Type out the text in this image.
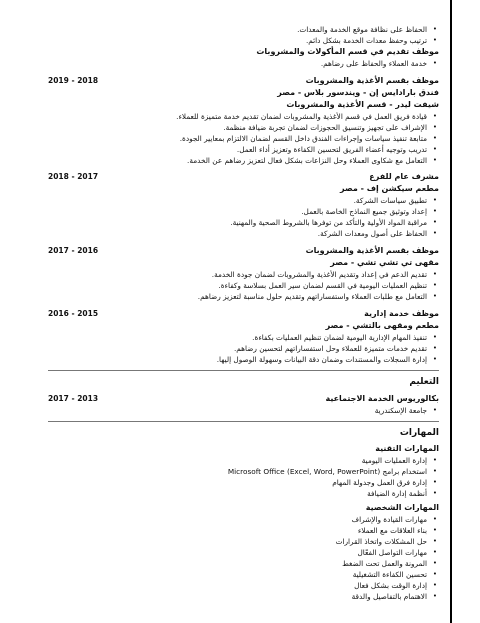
• الحفاظ على نظافة موقع الخدمة والمعدات.
• ترتيب وحفظ معدات الخدمة بشكل دائم.
موظف تقديم في قسم المأكولات والمشروبات
• خدمة العملاء والحفاظ على رضاهم.
2019 - 2018	موظف بقسم الأغذية والمشروبات
فندق بارادايس إن - ويندسور بلاس - مصر
شيفت ليدر - قسم الأغذية والمشروبات
• قيادة فريق العمل في قسم الأغذية والمشروبات لضمان تقديم خدمة متميزة للعملاء.
• الإشراف على تجهيز وتنسيق الحجوزات لضمان تجربة ضيافة منظمة.
• متابعة تنفيذ سياسات وإجراءات الفندق داخل القسم لضمان الالتزام بمعايير الجودة.
• تدريب وتوجيه أعضاء الفريق لتحسين الكفاءة وتعزيز أداء العمل.
• التعامل مع شكاوى العملاء وحل النزاعات بشكل فعال لتعزيز رضاهم عن الخدمة.
2018 - 2017	مشرف عام للفرع
مطعم سيكشن إف - مصر
• تطبيق سياسات الشركة.
• إعداد وتوثيق جميع النماذج الخاصة بالعمل.
• مراقبة المواد الأولية والتأكد من توفرها بالشروط الصحية والمهنية.
• الحفاظ على أصول ومعدات الشركة.
2017 - 2016	موظف بقسم الأغذية والمشروبات
مقهى تي تشي تشي - مصر
• تقديم الدعم في إعداد وتقديم الأغذية والمشروبات لضمان جودة الخدمة.
• تنظيم العمليات اليومية في القسم لضمان سير العمل بسلاسة وكفاءة.
• التعامل مع طلبات العملاء واستفساراتهم وتقديم حلول مناسبة لتعزيز رضاهم.
2016 - 2015	موظف خدمة إدارية
مطعم ومقهى بالتشي - مصر
• تنفيذ المهام الإدارية اليومية لضمان تنظيم العمليات بكفاءة.
• تقديم خدمات متميزة للعملاء وحل استفساراتهم لتحسين رضاهم.
• إدارة السجلات والمستندات وضمان دقة البيانات وسهولة الوصول إليها.
التعليم
2017 - 2013	بكالوريوس الخدمة الاجتماعية
• جامعة الإسكندرية
المهارات
المهارات التقنية
• إدارة العمليات اليومية
• استخدام برامج Microsoft Office (Excel, Word, PowerPoint)
• إدارة فرق العمل وجدولة المهام
• أنظمة إدارة الضيافة
المهارات الشخصية
• مهارات القيادة والإشراف
• بناء العلاقات مع العملاء
• حل المشكلات واتخاذ القرارات
• مهارات التواصل الفعّال
• المرونة والعمل تحت الضغط
• تحسين الكفاءة التشغيلية
• إدارة الوقت بشكل فعال
• الاهتمام بالتفاصيل والدقة
